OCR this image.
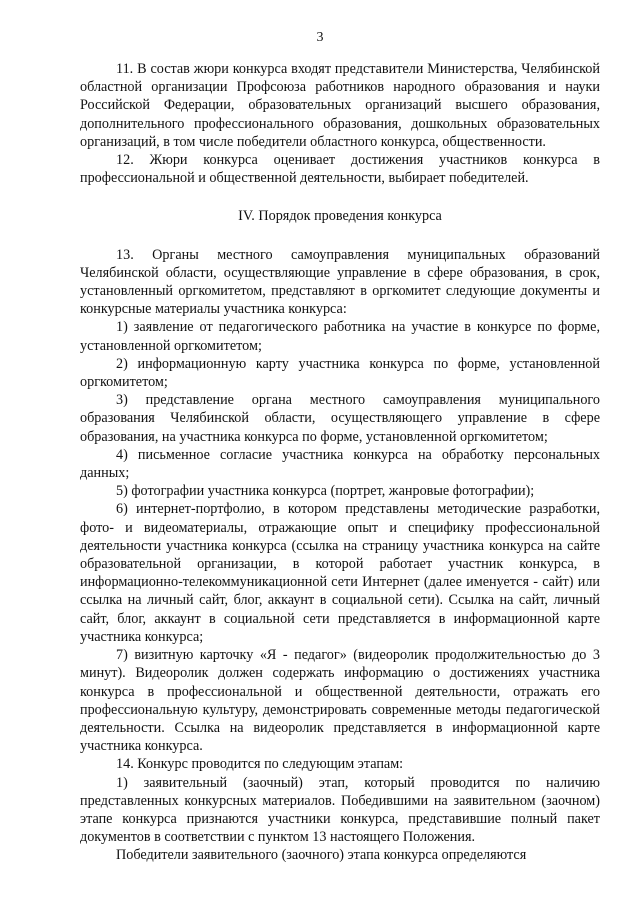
3

11. В состав жюри конкурса входят представители Министерства, Челябинской областной организации Профсоюза работников народного образования и науки Российской Федерации, образовательных организаций высшего образования, дополнительного профессионального образования, дошкольных образовательных организаций, в том числе победители областного конкурса, общественности.

12. Жюри конкурса оценивает достижения участников конкурса в профессиональной и общественной деятельности, выбирает победителей.

IV. Порядок проведения конкурса

13. Органы местного самоуправления муниципальных образований Челябинской области, осуществляющие управление в сфере образования, в срок, установленный оргкомитетом, представляют в оргкомитет следующие документы и конкурсные материалы участника конкурса:

1) заявление от педагогического работника на участие в конкурсе по форме, установленной оргкомитетом;

2) информационную карту участника конкурса по форме, установленной оргкомитетом;

3) представление органа местного самоуправления муниципального образования Челябинской области, осуществляющего управление в сфере образования, на участника конкурса по форме, установленной оргкомитетом;

4) письменное согласие участника конкурса на обработку персональных данных;

5) фотографии участника конкурса (портрет, жанровые фотографии);

6) интернет-портфолио, в котором представлены методические разработки, фото- и видеоматериалы, отражающие опыт и специфику профессиональной деятельности участника конкурса (ссылка на страницу участника конкурса на сайте образовательной организации, в которой работает участник конкурса, в информационно-телекоммуникационной сети Интернет (далее именуется - сайт) или ссылка на личный сайт, блог, аккаунт в социальной сети). Ссылка на сайт, личный сайт, блог, аккаунт в социальной сети представляется в информационной карте участника конкурса;

7) визитную карточку «Я - педагог» (видеоролик продолжительностью до 3 минут). Видеоролик должен содержать информацию о достижениях участника конкурса в профессиональной и общественной деятельности, отражать его профессиональную культуру, демонстрировать современные методы педагогической деятельности. Ссылка на видеоролик представляется в информационной карте участника конкурса.

14. Конкурс проводится по следующим этапам:

1) заявительный (заочный) этап, который проводится по наличию представленных конкурсных материалов. Победившими на заявительном (заочном) этапе конкурса признаются участники конкурса, представившие полный пакет документов в соответствии с пунктом 13 настоящего Положения.

Победители заявительного (заочного) этапа конкурса определяются
